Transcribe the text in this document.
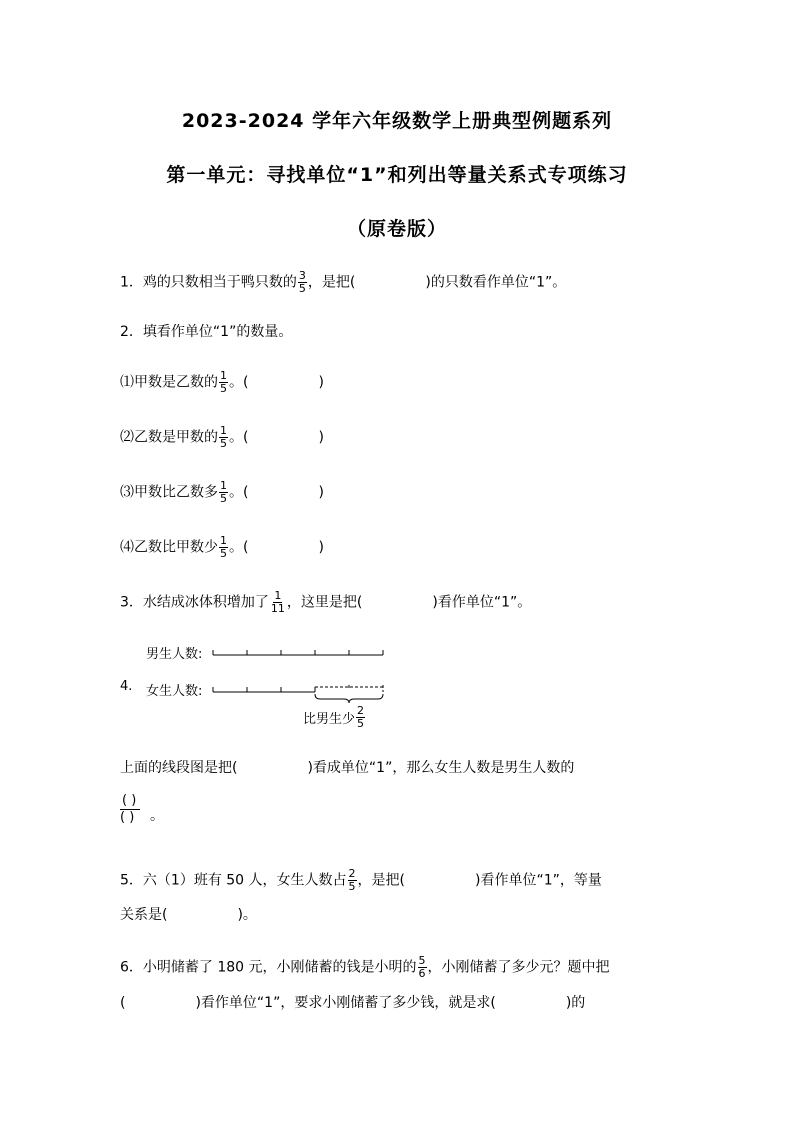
2023-2024 学年六年级数学上册典型例题系列
第一单元：寻找单位“1”和列出等量关系式专项练习
（原卷版）
1．鸡的只数相当于鸭只数的 $\frac{3}{5}$ ，是把(	)的只数看作单位“1”。
2．填看作单位“1”的数量。
⑴甲数是乙数的 $\frac{1}{5}$ 。(	)
⑵乙数是甲数的 $\frac{1}{5}$ 。(	)
⑶甲数比乙数多 $\frac{1}{5}$ 。(	)
⑷乙数比甲数少 $\frac{1}{5}$ 。(	)
3．水结成冰体积增加了 $\frac{1}{11}$ ，这里是把(	)看作单位“1”。
男生人数:
4. 女生人数:
比男生少 $\frac{2}{5}$
上面的线段图是把(	)看成单位“1”，那么女生人数是男生人数的
( )
( ) 。
5．六（1）班有 50 人，女生人数占 $\frac{2}{5}$ ，是把(	)看作单位“1”，等量
关系是(	)。
6．小明储蓄了 180 元，小刚储蓄的钱是小明的 $\frac{5}{6}$ ，小刚储蓄了多少元？题中把
(	)看作单位“1”，要求小刚储蓄了多少钱，就是求(	)的
